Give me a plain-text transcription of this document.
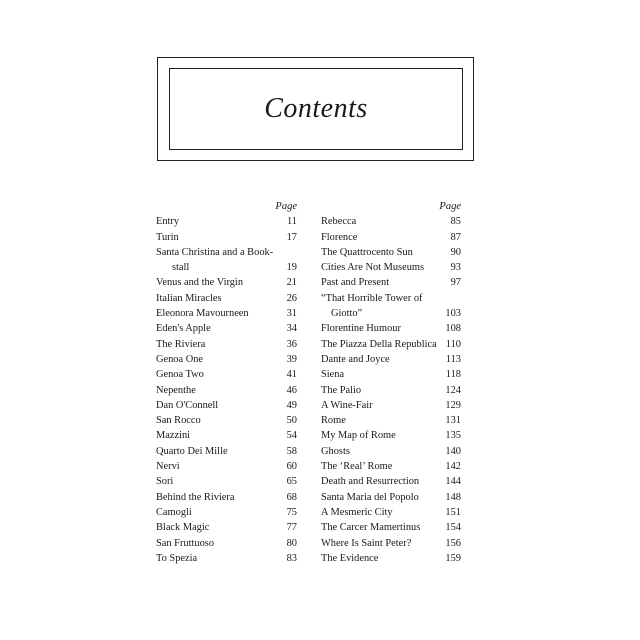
Contents
Page
Entry	11
Turin	17
Santa Christina and a Book-
stall	19
Venus and the Virgin	21
Italian Miracles	26
Eleonora Mavourneen	31
Eden's Apple	34
The Riviera	36
Genoa One	39
Genoa Two	41
Nepenthe	46
Dan O'Connell	49
San Rocco	50
Mazzini	54
Quarto Dei Mille	58
Nervi	60
Sori	65
Behind the Riviera	68
Camogli	75
Black Magic	77
San Fruttuoso	80
To Spezia	83
Page
Rebecca	85
Florence	87
The Quattrocento Sun	90
Cities Are Not Museums	93
Past and Present	97
“That Horrible Tower of
Giotto”	103
Florentine Humour	108
The Piazza Della Republica 110
Dante and Joyce	113
Siena	118
The Palio	124
A Wine-Fair	129
Rome	131
My Map of Rome	135
Ghosts	140
The ‘Real’ Rome	142
Death and Resurrection	144
Santa Maria del Popolo	148
A Mesmeric City	151
The Carcer Mamertinus	154
Where Is Saint Peter?	156
The Evidence	159
